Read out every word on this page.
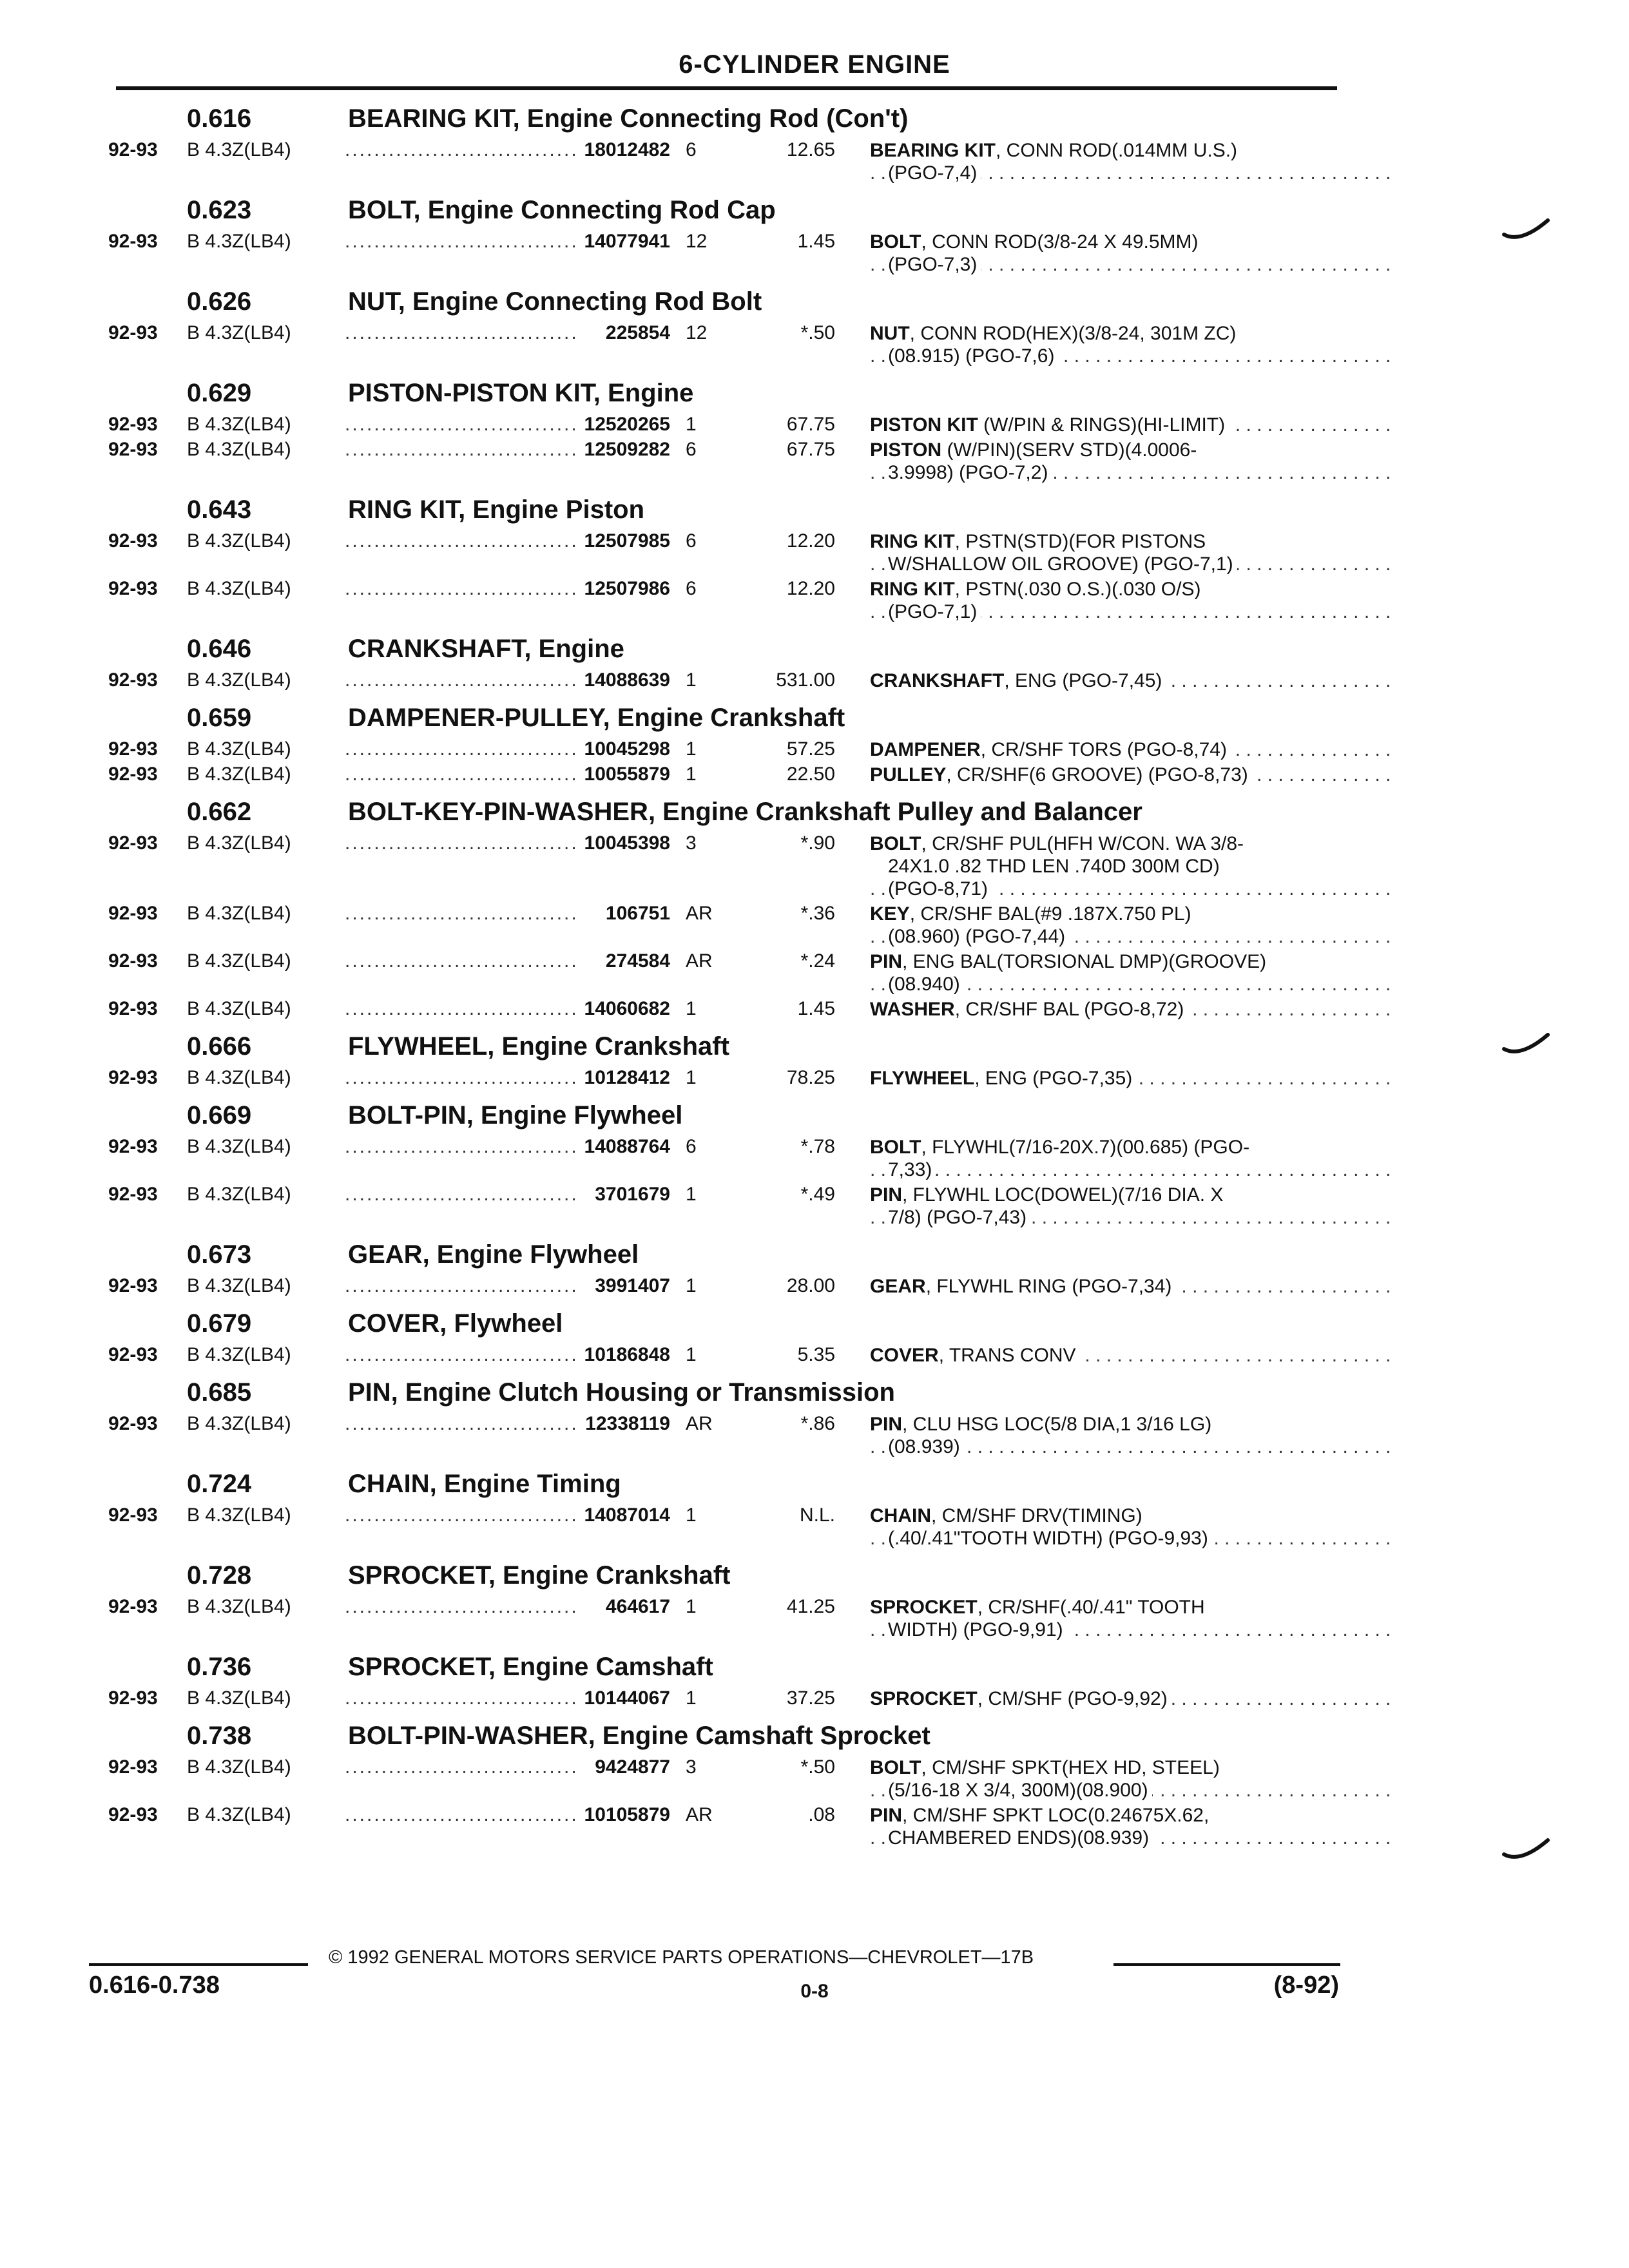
6-CYLINDER ENGINE
0.616	BEARING KIT, Engine Connecting Rod (Con't)
92-93 B 4.3Z(LB4)	................................ 18012482 6	12.65 BEARING KIT, CONN ROD(.014MM U.S.)
(PGO-7,4) . . .
0.623	BOLT, Engine Connecting Rod Cap
92-93 B 4.3Z(LB4)	................................ 14077941 12	1.45 BOLT, CONN ROD(3/8-24 X 49.5MM)
(PGO-7,3) . . .
0.626	NUT, Engine Connecting Rod Bolt
92-93 B 4.3Z(LB4)	................................ 225854 12	*.50 NUT, CONN ROD(HEX)(3/8-24, 301M ZC)
(08.915) (PGO-7,6) . . .
0.629	PISTON-PISTON KIT, Engine
92-93 B 4.3Z(LB4)	................................ 12520265 1	67.75 PISTON KIT (W/PIN & RINGS)(HI-LIMIT) . . .
92-93 B 4.3Z(LB4)	................................ 12509282 6	67.75 PISTON (W/PIN)(SERV STD)(4.0006-
3.9998) (PGO-7,2) . . .
0.643	RING KIT, Engine Piston
92-93 B 4.3Z(LB4)	................................ 12507985 6	12.20 RING KIT, PSTN(STD)(FOR PISTONS
W/SHALLOW OIL GROOVE) (PGO-7,1) . . .
92-93 B 4.3Z(LB4)	................................ 12507986 6	12.20 RING KIT, PSTN(.030 O.S.)(.030 O/S)
(PGO-7,1) . . .
0.646	CRANKSHAFT, Engine
92-93 B 4.3Z(LB4)	................................ 14088639 1	531.00 CRANKSHAFT, ENG (PGO-7,45) . . .
0.659	DAMPENER-PULLEY, Engine Crankshaft
92-93 B 4.3Z(LB4)	................................ 10045298 1	57.25 DAMPENER, CR/SHF TORS (PGO-8,74) . . .
92-93 B 4.3Z(LB4)	................................ 10055879 1	22.50 PULLEY, CR/SHF(6 GROOVE) (PGO-8,73) . . .
0.662	BOLT-KEY-PIN-WASHER, Engine Crankshaft Pulley and Balancer
92-93 B 4.3Z(LB4)	................................ 10045398 3	*.90 BOLT, CR/SHF PUL(HFH W/CON. WA 3/8-
24X1.0 .82 THD LEN .740D 300M CD)
(PGO-8,71) . . .
92-93 B 4.3Z(LB4)	................................ 106751 AR	*.36 KEY, CR/SHF BAL(#9 .187X.750 PL)
(08.960) (PGO-7,44) . . .
92-93 B 4.3Z(LB4)	................................ 274584 AR	*.24 PIN, ENG BAL(TORSIONAL DMP)(GROOVE)
(08.940) . . .
92-93 B 4.3Z(LB4)	................................ 14060682 1	1.45 WASHER, CR/SHF BAL (PGO-8,72) . . .
0.666	FLYWHEEL, Engine Crankshaft
92-93 B 4.3Z(LB4)	................................ 10128412 1	78.25 FLYWHEEL, ENG (PGO-7,35) . . .
0.669	BOLT-PIN, Engine Flywheel
92-93 B 4.3Z(LB4)	................................ 14088764 6	*.78 BOLT, FLYWHL(7/16-20X.7)(00.685) (PGO-
7,33) . . .
92-93 B 4.3Z(LB4)	................................ 3701679 1	*.49 PIN, FLYWHL LOC(DOWEL)(7/16 DIA. X
7/8) (PGO-7,43) . . .
0.673	GEAR, Engine Flywheel
92-93 B 4.3Z(LB4)	................................ 3991407 1	28.00 GEAR, FLYWHL RING (PGO-7,34) . . .
0.679	COVER, Flywheel
92-93 B 4.3Z(LB4)	................................ 10186848 1	5.35 COVER, TRANS CONV . . .
0.685	PIN, Engine Clutch Housing or Transmission
92-93 B 4.3Z(LB4)	................................ 12338119 AR	*.86 PIN, CLU HSG LOC(5/8 DIA,1 3/16 LG)
(08.939) . . .
0.724	CHAIN, Engine Timing
92-93 B 4.3Z(LB4)	................................ 14087014 1	N.L. CHAIN, CM/SHF DRV(TIMING)
(.40/.41"TOOTH WIDTH) (PGO-9,93) . . .
0.728	SPROCKET, Engine Crankshaft
92-93 B 4.3Z(LB4)	................................ 464617 1	41.25 SPROCKET, CR/SHF(.40/.41" TOOTH
WIDTH) (PGO-9,91) . . .
0.736	SPROCKET, Engine Camshaft
92-93 B 4.3Z(LB4)	................................ 10144067 1	37.25 SPROCKET, CM/SHF (PGO-9,92) . . .
0.738	BOLT-PIN-WASHER, Engine Camshaft Sprocket
92-93 B 4.3Z(LB4)	................................ 9424877 3	*.50 BOLT, CM/SHF SPKT(HEX HD, STEEL)
(5/16-18 X 3/4, 300M)(08.900) . . .
92-93 B 4.3Z(LB4)	................................ 10105879 AR	.08 PIN, CM/SHF SPKT LOC(0.24675X.62,
CHAMBERED ENDS)(08.939) . . .
© 1992 GENERAL MOTORS SERVICE PARTS OPERATIONS—CHEVROLET—17B
0.616-0.738	0-8	(8-92)
